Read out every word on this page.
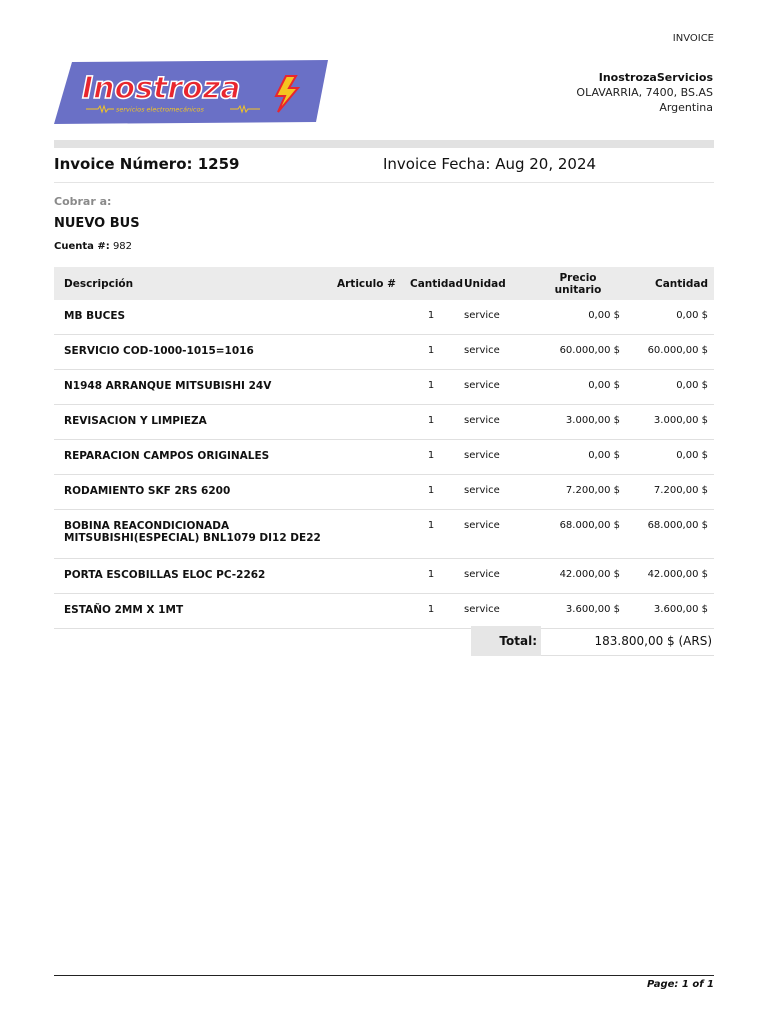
INVOICE
Inostroza
servicios electromecánicos
InostrozaServicios
OLAVARRIA, 7400, BS.AS
Argentina
Invoice Número: 1259	Invoice Fecha: Aug 20, 2024
Cobrar a:
NUEVO BUS
Cuenta #: 982
Descripción	Articulo #	Cantidad	Unidad	Precio unitario	Cantidad
MB BUCES		1	service	0,00 $	0,00 $
SERVICIO COD-1000-1015=1016		1	service	60.000,00 $	60.000,00 $
N1948 ARRANQUE MITSUBISHI 24V		1	service	0,00 $	0,00 $
REVISACION Y LIMPIEZA		1	service	3.000,00 $	3.000,00 $
REPARACION CAMPOS ORIGINALES		1	service	0,00 $	0,00 $
RODAMIENTO SKF 2RS 6200		1	service	7.200,00 $	7.200,00 $
BOBINA REACONDICIONADA MITSUBISHI(ESPECIAL) BNL1079 DI12 DE22		1	service	68.000,00 $	68.000,00 $
PORTA ESCOBILLAS ELOC PC-2262		1	service	42.000,00 $	42.000,00 $
ESTAÑO 2MM X 1MT		1	service	3.600,00 $	3.600,00 $
Total:	183.800,00 $ (ARS)
Page: 1 of 1
